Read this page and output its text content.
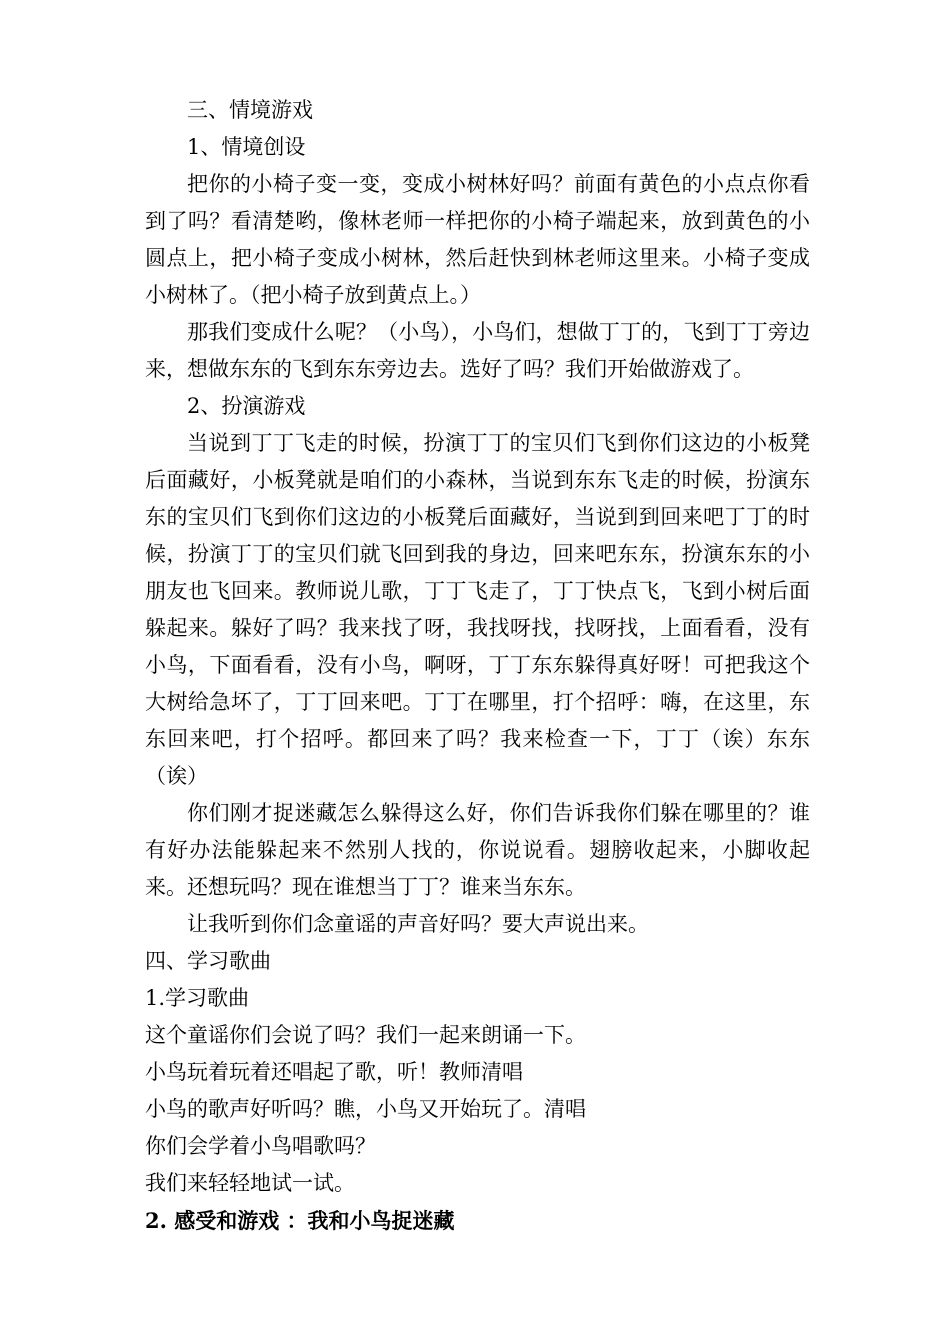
三、情境游戏

1、情境创设

把你的小椅子变一变，变成小树林好吗？前面有黄色的小点点你看到了吗？看清楚哟，像林老师一样把你的小椅子端起来，放到黄色的小圆点上，把小椅子变成小树林，然后赶快到林老师这里来。小椅子变成小树林了。（把小椅子放到黄点上。）

那我们变成什么呢？（小鸟），小鸟们，想做丁丁的，飞到丁丁旁边来，想做东东的飞到东东旁边去。选好了吗？我们开始做游戏了。

2、扮演游戏

当说到丁丁飞走的时候，扮演丁丁的宝贝们飞到你们这边的小板凳后面藏好，小板凳就是咱们的小森林，当说到东东飞走的时候，扮演东东的宝贝们飞到你们这边的小板凳后面藏好，当说到到回来吧丁丁的时候，扮演丁丁的宝贝们就飞回到我的身边，回来吧东东，扮演东东的小朋友也飞回来。教师说儿歌，丁丁飞走了，丁丁快点飞，飞到小树后面躲起来。躲好了吗？我来找了呀，我找呀找，找呀找，上面看看，没有小鸟，下面看看，没有小鸟，啊呀，丁丁东东躲得真好呀！可把我这个大树给急坏了，丁丁回来吧。丁丁在哪里，打个招呼：嗨，在这里，东东回来吧，打个招呼。都回来了吗？我来检查一下，丁丁（诶）东东（诶）

你们刚才捉迷藏怎么躲得这么好，你们告诉我你们躲在哪里的？谁有好办法能躲起来不然别人找的，你说说看。翅膀收起来，小脚收起来。还想玩吗？现在谁想当丁丁？谁来当东东。

让我听到你们念童谣的声音好吗？要大声说出来。

四、学习歌曲

1.学习歌曲

这个童谣你们会说了吗？我们一起来朗诵一下。

小鸟玩着玩着还唱起了歌，听！教师清唱

小鸟的歌声好听吗？瞧，小鸟又开始玩了。清唱

你们会学着小鸟唱歌吗？

我们来轻轻地试一试。

2. 感受和游戏 ：我和小鸟捉迷藏
